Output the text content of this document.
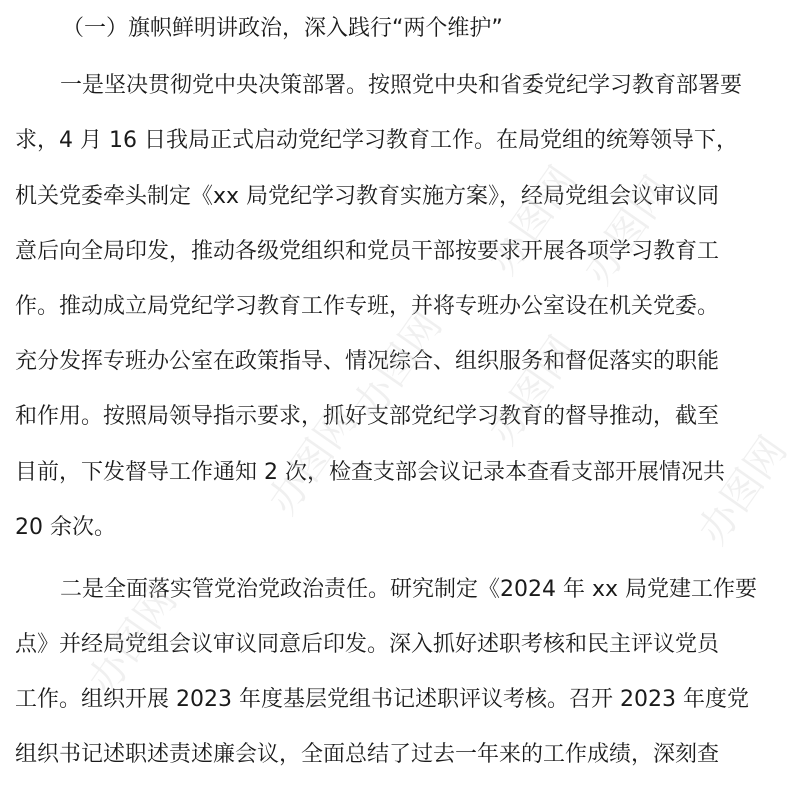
（一）旗帜鲜明讲政治，深入践行“两个维护”
一是坚决贯彻党中央决策部署。按照党中央和省委党纪学习教育部署要
求，4 月 16 日我局正式启动党纪学习教育工作。在局党组的统筹领导下，
机关党委牵头制定《xx 局党纪学习教育实施方案》，经局党组会议审议同
意后向全局印发，推动各级党组织和党员干部按要求开展各项学习教育工
作。推动成立局党纪学习教育工作专班，并将专班办公室设在机关党委。
充分发挥专班办公室在政策指导、情况综合、组织服务和督促落实的职能
和作用。按照局领导指示要求，抓好支部党纪学习教育的督导推动，截至
目前，下发督导工作通知 2 次，检查支部会议记录本查看支部开展情况共
20 余次。
二是全面落实管党治党政治责任。研究制定《2024 年 xx 局党建工作要
点》并经局党组会议审议同意后印发。深入抓好述职考核和民主评议党员
工作。组织开展 2023 年度基层党组书记述职评议考核。召开 2023 年度党
组织书记述职述责述廉会议，全面总结了过去一年来的工作成绩，深刻查
办图网
办图网
办图网
办图网
办图网
办图网
办图网
